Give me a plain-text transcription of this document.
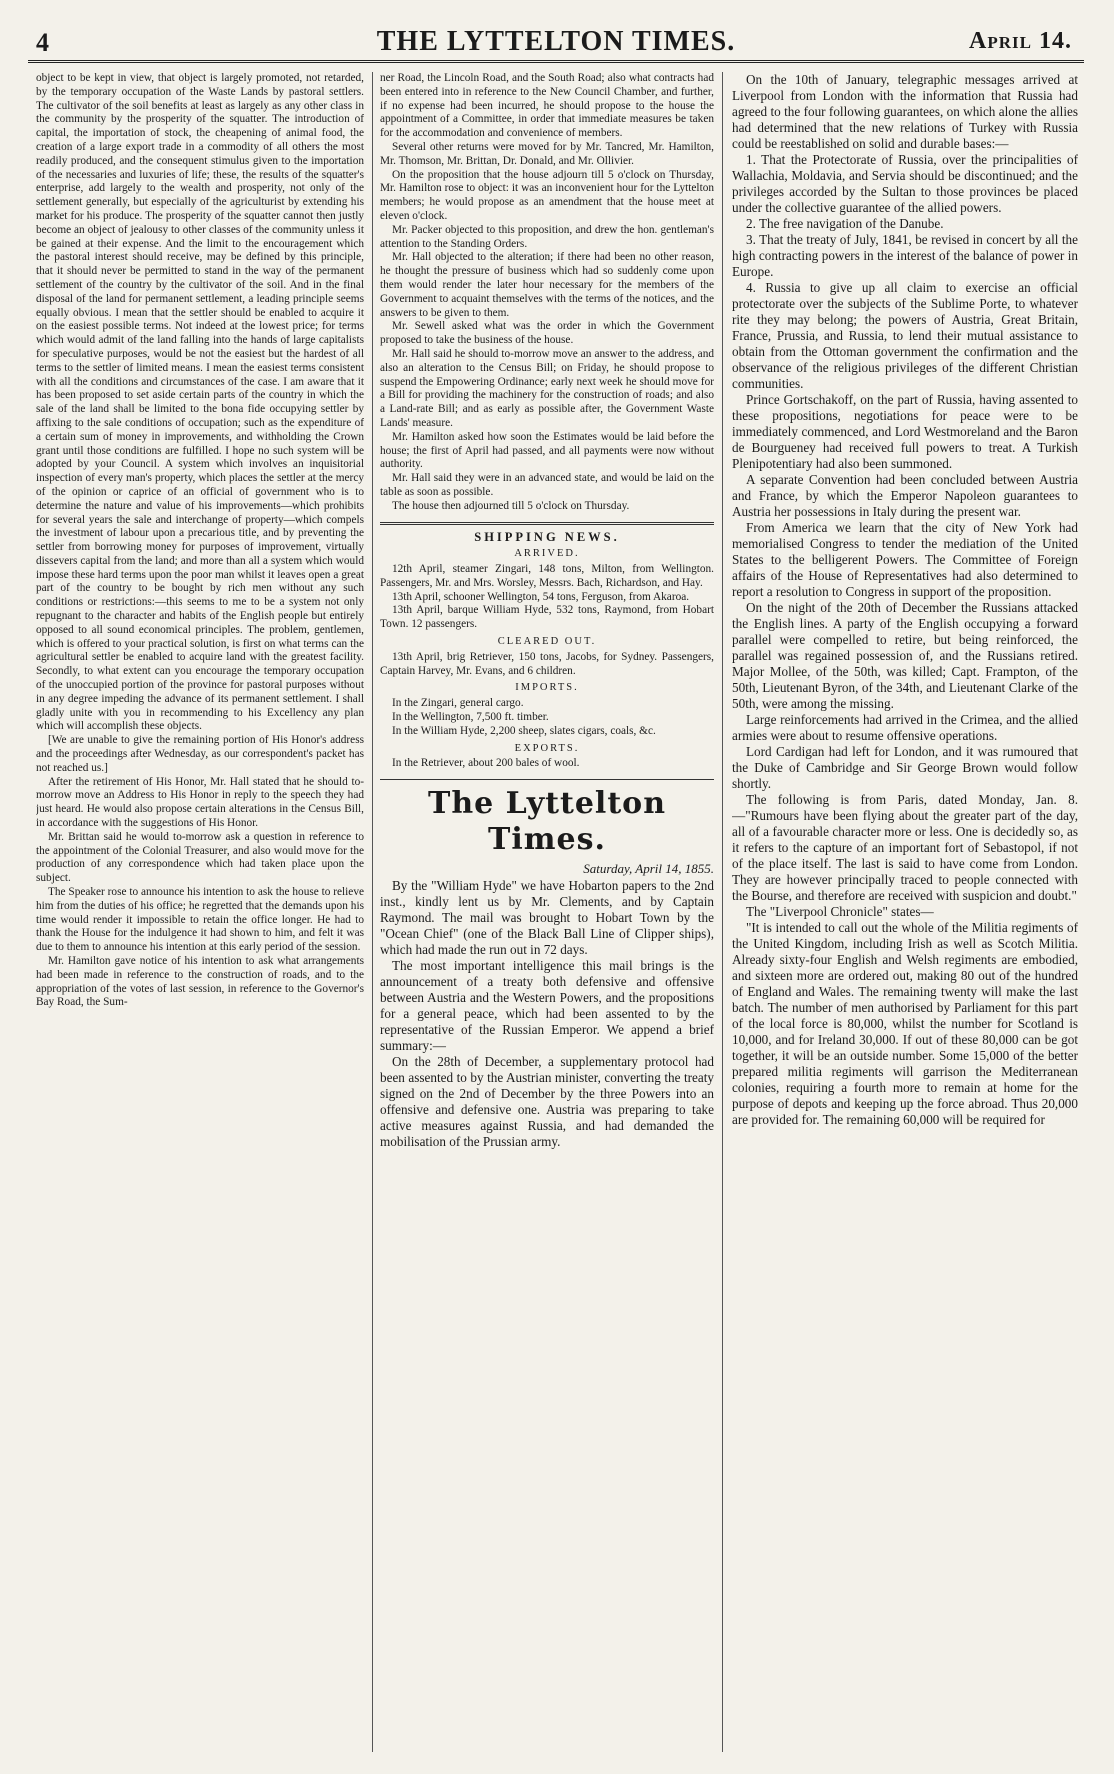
4	THE LYTTELTON TIMES.	April 14.

object to be kept in view, that object is largely promoted, not retarded, by the temporary occupation of the Waste Lands by pastoral settlers. The cultivator of the soil benefits at least as largely as any other class in the community by the prosperity of the squatter. The introduction of capital, the importation of stock, the cheapening of animal food, the creation of a large export trade in a commodity of all others the most readily produced, and the consequent stimulus given to the importation of the necessaries and luxuries of life; these, the results of the squatter's enterprise, add largely to the wealth and prosperity, not only of the settlement generally, but especially of the agriculturist by extending his market for his produce. The prosperity of the squatter cannot then justly become an object of jealousy to other classes of the community unless it be gained at their expense. And the limit to the encouragement which the pastoral interest should receive, may be defined by this principle, that it should never be permitted to stand in the way of the permanent settlement of the country by the cultivator of the soil. And in the final disposal of the land for permanent settlement, a leading principle seems equally obvious. I mean that the settler should be enabled to acquire it on the easiest possible terms. Not indeed at the lowest price; for terms which would admit of the land falling into the hands of large capitalists for speculative purposes, would be not the easiest but the hardest of all terms to the settler of limited means. I mean the easiest terms consistent with all the conditions and circumstances of the case. I am aware that it has been proposed to set aside certain parts of the country in which the sale of the land shall be limited to the bona fide occupying settler by affixing to the sale conditions of occupation; such as the expenditure of a certain sum of money in improvements, and withholding the Crown grant until those conditions are fulfilled. I hope no such system will be adopted by your Council. A system which involves an inquisitorial inspection of every man's property, which places the settler at the mercy of the opinion or caprice of an official of government who is to determine the nature and value of his improvements—which prohibits for several years the sale and interchange of property—which compels the investment of labour upon a precarious title, and by preventing the settler from borrowing money for purposes of improvement, virtually dissevers capital from the land; and more than all a system which would impose these hard terms upon the poor man whilst it leaves open a great part of the country to be bought by rich men without any such conditions or restrictions:—this seems to me to be a system not only repugnant to the character and habits of the English people but entirely opposed to all sound economical principles. The problem, gentlemen, which is offered to your practical solution, is first on what terms can the agricultural settler be enabled to acquire land with the greatest facility. Secondly, to what extent can you encourage the temporary occupation of the unoccupied portion of the province for pastoral purposes without in any degree impeding the advance of its permanent settlement. I shall gladly unite with you in recommending to his Excellency any plan which will accomplish these objects.

[We are unable to give the remaining portion of His Honor's address and the proceedings after Wednesday, as our correspondent's packet has not reached us.]

After the retirement of His Honor, Mr. Hall stated that he should to-morrow move an Address to His Honor in reply to the speech they had just heard. He would also propose certain alterations in the Census Bill, in accordance with the suggestions of His Honor.

Mr. Brittan said he would to-morrow ask a question in reference to the appointment of the Colonial Treasurer, and also would move for the production of any correspondence which had taken place upon the subject.

The Speaker rose to announce his intention to ask the house to relieve him from the duties of his office; he regretted that the demands upon his time would render it impossible to retain the office longer. He had to thank the House for the indulgence it had shown to him, and felt it was due to them to announce his intention at this early period of the session.

Mr. Hamilton gave notice of his intention to ask what arrangements had been made in reference to the construction of roads, and to the appropriation of the votes of last session, in reference to the Governor's Bay Road, the Sum-

ner Road, the Lincoln Road, and the South Road; also what contracts had been entered into in reference to the New Council Chamber, and further, if no expense had been incurred, he should propose to the house the appointment of a Committee, in order that immediate measures be taken for the accommodation and convenience of members.

Several other returns were moved for by Mr. Tancred, Mr. Hamilton, Mr. Thomson, Mr. Brittan, Dr. Donald, and Mr. Ollivier.

On the proposition that the house adjourn till 5 o'clock on Thursday, Mr. Hamilton rose to object: it was an inconvenient hour for the Lyttelton members; he would propose as an amendment that the house meet at eleven o'clock.

Mr. Packer objected to this proposition, and drew the hon. gentleman's attention to the Standing Orders.

Mr. Hall objected to the alteration; if there had been no other reason, he thought the pressure of business which had so suddenly come upon them would render the later hour necessary for the members of the Government to acquaint themselves with the terms of the notices, and the answers to be given to them.

Mr. Sewell asked what was the order in which the Government proposed to take the business of the house.

Mr. Hall said he should to-morrow move an answer to the address, and also an alteration to the Census Bill; on Friday, he should propose to suspend the Empowering Ordinance; early next week he should move for a Bill for providing the machinery for the construction of roads; and also a Land-rate Bill; and as early as possible after, the Government Waste Lands' measure.

Mr. Hamilton asked how soon the Estimates would be laid before the house; the first of April had passed, and all payments were now without authority.

Mr. Hall said they were in an advanced state, and would be laid on the table as soon as possible.

The house then adjourned till 5 o'clock on Thursday.

SHIPPING NEWS.
ARRIVED.

12th April, steamer Zingari, 148 tons, Milton, from Wellington. Passengers, Mr. and Mrs. Worsley, Messrs. Bach, Richardson, and Hay.

13th April, schooner Wellington, 54 tons, Ferguson, from Akaroa.

13th April, barque William Hyde, 532 tons, Raymond, from Hobart Town. 12 passengers.

CLEARED OUT.

13th April, brig Retriever, 150 tons, Jacobs, for Sydney. Passengers, Captain Harvey, Mr. Evans, and 6 children.

IMPORTS.

In the Zingari, general cargo.

In the Wellington, 7,500 ft. timber.

In the William Hyde, 2,200 sheep, slates cigars, coals, &c.

EXPORTS.

In the Retriever, about 200 bales of wool.

The Lyttelton Times.
Saturday, April 14, 1855.

By the "William Hyde" we have Hobarton papers to the 2nd inst., kindly lent us by Mr. Clements, and by Captain Raymond. The mail was brought to Hobart Town by the "Ocean Chief" (one of the Black Ball Line of Clipper ships), which had made the run out in 72 days.

The most important intelligence this mail brings is the announcement of a treaty both defensive and offensive between Austria and the Western Powers, and the propositions for a general peace, which had been assented to by the representative of the Russian Emperor. We append a brief summary:—

On the 28th of December, a supplementary protocol had been assented to by the Austrian minister, converting the treaty signed on the 2nd of December by the three Powers into an offensive and defensive one. Austria was preparing to take active measures against Russia, and had demanded the mobilisation of the Prussian army.

On the 10th of January, telegraphic messages arrived at Liverpool from London with the information that Russia had agreed to the four following guarantees, on which alone the allies had determined that the new relations of Turkey with Russia could be reestablished on solid and durable bases:—

1. That the Protectorate of Russia, over the principalities of Wallachia, Moldavia, and Servia should be discontinued; and the privileges accorded by the Sultan to those provinces be placed under the collective guarantee of the allied powers.

2. The free navigation of the Danube.

3. That the treaty of July, 1841, be revised in concert by all the high contracting powers in the interest of the balance of power in Europe.

4. Russia to give up all claim to exercise an official protectorate over the subjects of the Sublime Porte, to whatever rite they may belong; the powers of Austria, Great Britain, France, Prussia, and Russia, to lend their mutual assistance to obtain from the Ottoman government the confirmation and the observance of the religious privileges of the different Christian communities.

Prince Gortschakoff, on the part of Russia, having assented to these propositions, negotiations for peace were to be immediately commenced, and Lord Westmoreland and the Baron de Bourgueney had received full powers to treat. A Turkish Plenipotentiary had also been summoned.

A separate Convention had been concluded between Austria and France, by which the Emperor Napoleon guarantees to Austria her possessions in Italy during the present war.

From America we learn that the city of New York had memorialised Congress to tender the mediation of the United States to the belligerent Powers. The Committee of Foreign affairs of the House of Representatives had also determined to report a resolution to Congress in support of the proposition.

On the night of the 20th of December the Russians attacked the English lines. A party of the English occupying a forward parallel were compelled to retire, but being reinforced, the parallel was regained possession of, and the Russians retired. Major Mollee, of the 50th, was killed; Capt. Frampton, of the 50th, Lieutenant Byron, of the 34th, and Lieutenant Clarke of the 50th, were among the missing.

Large reinforcements had arrived in the Crimea, and the allied armies were about to resume offensive operations.

Lord Cardigan had left for London, and it was rumoured that the Duke of Cambridge and Sir George Brown would follow shortly.

The following is from Paris, dated Monday, Jan. 8.—"Rumours have been flying about the greater part of the day, all of a favourable character more or less. One is decidedly so, as it refers to the capture of an important fort of Sebastopol, if not of the place itself. The last is said to have come from London. They are however principally traced to people connected with the Bourse, and therefore are received with suspicion and doubt."

The "Liverpool Chronicle" states—

"It is intended to call out the whole of the Militia regiments of the United Kingdom, including Irish as well as Scotch Militia. Already sixty-four English and Welsh regiments are embodied, and sixteen more are ordered out, making 80 out of the hundred of England and Wales. The remaining twenty will make the last batch. The number of men authorised by Parliament for this part of the local force is 80,000, whilst the number for Scotland is 10,000, and for Ireland 30,000. If out of these 80,000 can be got together, it will be an outside number. Some 15,000 of the better prepared militia regiments will garrison the Mediterranean colonies, requiring a fourth more to remain at home for the purpose of depots and keeping up the force abroad. Thus 20,000 are provided for. The remaining 60,000 will be required for
